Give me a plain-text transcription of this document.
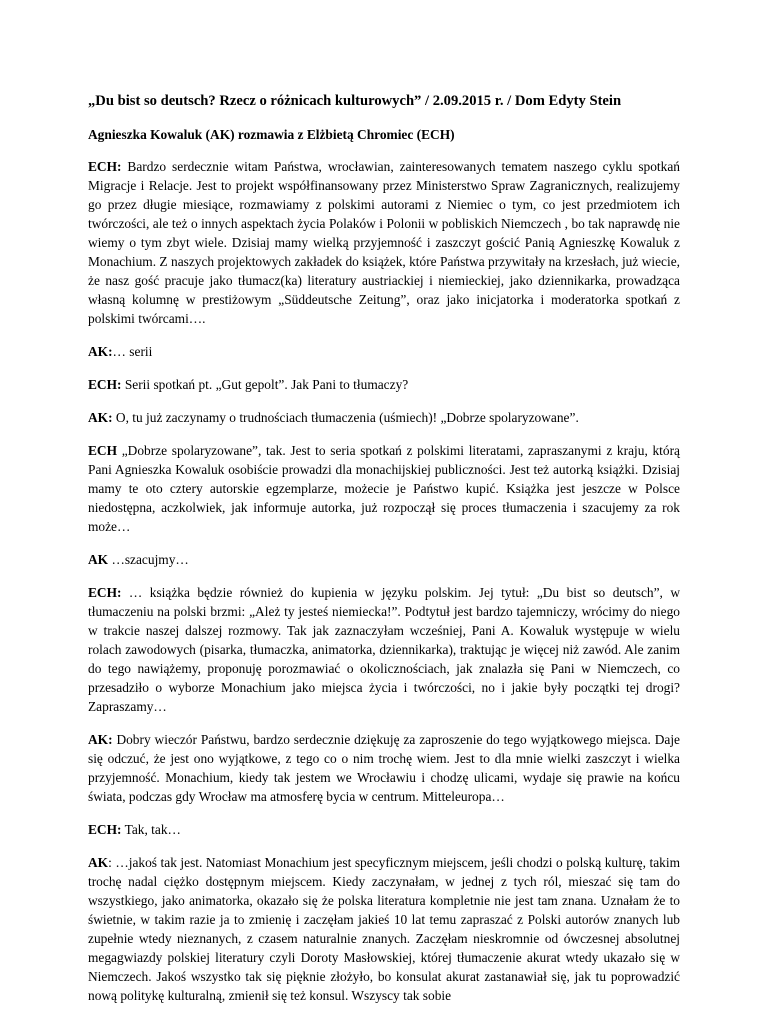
„Du bist so deutsch? Rzecz o różnicach kulturowych” / 2.09.2015 r. / Dom Edyty Stein
Agnieszka Kowaluk (AK) rozmawia z Elżbietą Chromiec (ECH)

ECH: Bardzo serdecznie witam Państwa, wrocławian, zainteresowanych tematem naszego cyklu spotkań Migracje i Relacje. Jest to projekt współfinansowany przez Ministerstwo Spraw Zagranicznych, realizujemy go przez długie miesiące, rozmawiamy z polskimi autorami z Niemiec o tym, co jest przedmiotem ich twórczości, ale też o innych aspektach życia Polaków i Polonii w pobliskich Niemczech , bo tak naprawdę nie wiemy o tym zbyt wiele. Dzisiaj mamy wielką przyjemność i zaszczyt gościć Panią Agnieszkę Kowaluk z Monachium. Z naszych projektowych zakładek do książek, które Państwa przywitały na krzesłach, już wiecie, że nasz gość pracuje jako tłumacz(ka) literatury austriackiej i niemieckiej, jako dziennikarka, prowadząca własną kolumnę w prestiżowym „Süddeutsche Zeitung”, oraz jako inicjatorka i moderatorka spotkań z polskimi twórcami….

AK:… serii

ECH: Serii spotkań pt. „Gut gepolt”. Jak Pani to tłumaczy?

AK: O, tu już zaczynamy o trudnościach tłumaczenia (uśmiech)! „Dobrze spolaryzowane”.

ECH „Dobrze spolaryzowane”, tak. Jest to seria spotkań z polskimi literatami, zapraszanymi z kraju, którą Pani Agnieszka Kowaluk osobiście prowadzi dla monachijskiej publiczności. Jest też autorką książki. Dzisiaj mamy te oto cztery autorskie egzemplarze, możecie je Państwo kupić. Książka jest jeszcze w Polsce niedostępna, aczkolwiek, jak informuje autorka, już rozpoczął się proces tłumaczenia i szacujemy za rok może…

AK …szacujmy…

ECH: … książka będzie również do kupienia w języku polskim. Jej tytuł: „Du bist so deutsch”, w tłumaczeniu na polski brzmi: „Ależ ty jesteś niemiecka!”. Podtytuł jest bardzo tajemniczy, wrócimy do niego w trakcie naszej dalszej rozmowy. Tak jak zaznaczyłam wcześniej, Pani A. Kowaluk występuje w wielu rolach zawodowych (pisarka, tłumaczka, animatorka, dziennikarka), traktując je więcej niż zawód. Ale zanim do tego nawiążemy, proponuję porozmawiać o okolicznościach, jak znalazła się Pani w Niemczech, co przesadziło o wyborze Monachium jako miejsca życia i twórczości, no i jakie były początki tej drogi? Zapraszamy…

AK: Dobry wieczór Państwu, bardzo serdecznie dziękuję za zaproszenie do tego wyjątkowego miejsca. Daje się odczuć, że jest ono wyjątkowe, z tego co o nim trochę wiem. Jest to dla mnie wielki zaszczyt i wielka przyjemność. Monachium, kiedy tak jestem we Wrocławiu i chodzę ulicami, wydaje się prawie na końcu świata, podczas gdy Wrocław ma atmosferę bycia w centrum. Mitteleuropa…

ECH: Tak, tak…

AK: …jakoś tak jest. Natomiast Monachium jest specyficznym miejscem, jeśli chodzi o polską kulturę, takim trochę nadal ciężko dostępnym miejscem. Kiedy zaczynałam, w jednej z tych ról, mieszać się tam do wszystkiego, jako animatorka, okazało się że polska literatura kompletnie nie jest tam znana. Uznałam że to świetnie, w takim razie ja to zmienię i zaczęłam jakieś 10 lat temu zapraszać z Polski autorów znanych lub zupełnie wtedy nieznanych, z czasem naturalnie znanych. Zaczęłam nieskromnie od ówczesnej absolutnej megagwiazdy polskiej literatury czyli Doroty Masłowskiej, której tłumaczenie akurat wtedy ukazało się w Niemczech. Jakoś wszystko tak się pięknie złożyło, bo konsulat akurat zastanawiał się, jak tu poprowadzić nową politykę kulturalną, zmienił się też konsul. Wszyscy tak sobie
